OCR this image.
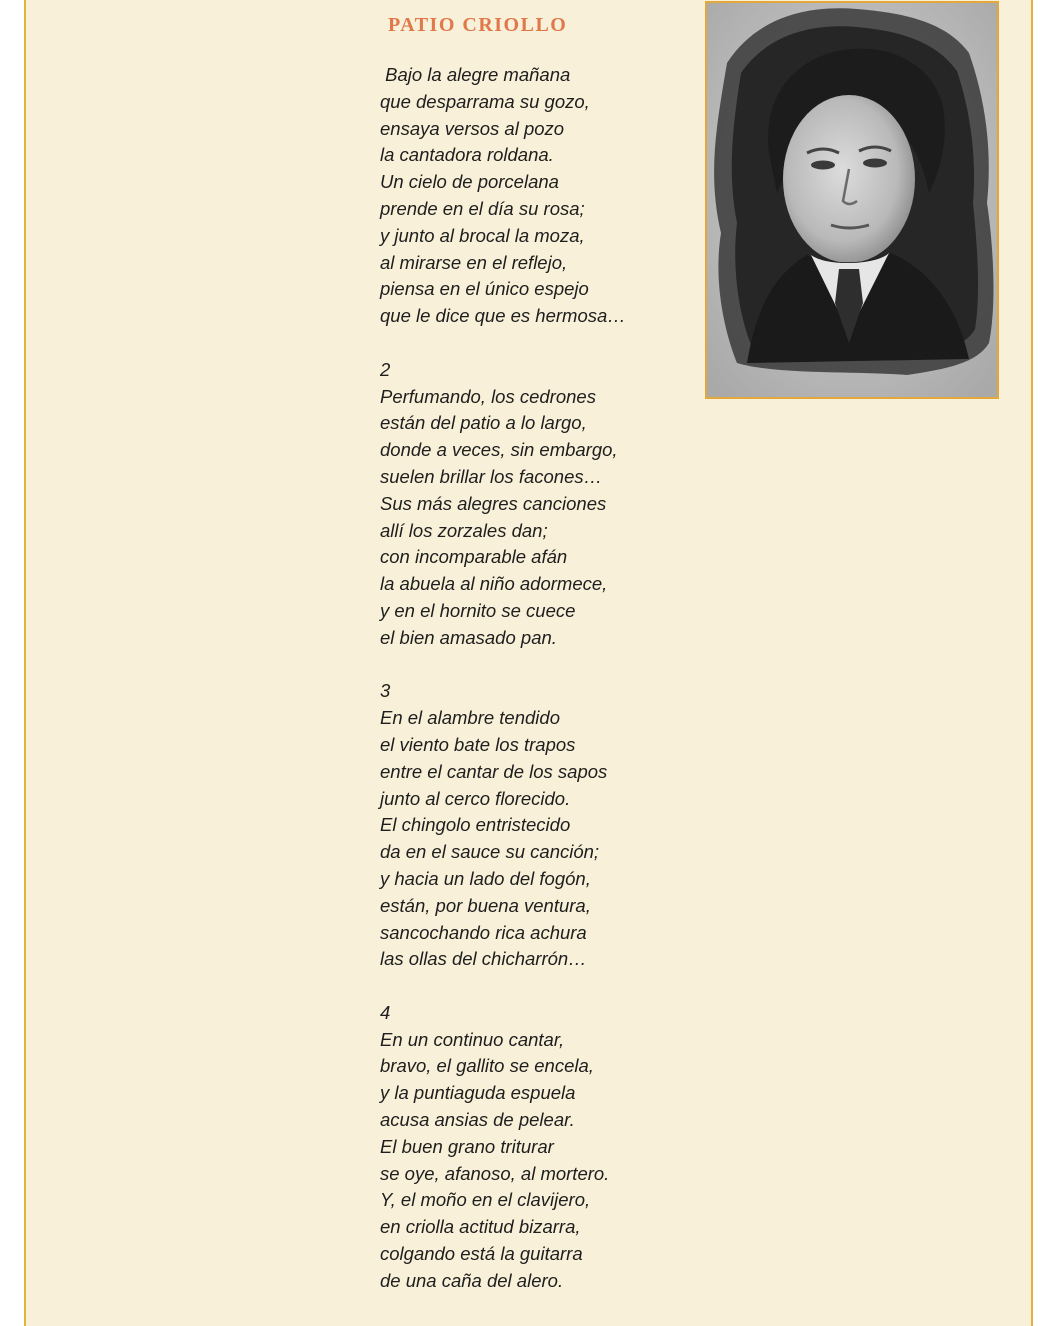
PATIO CRIOLLO
Bajo la alegre mañana
que desparrama su gozo,
ensaya versos al pozo
la cantadora roldana.
Un cielo de porcelana
prende en el día su rosa;
y junto al brocal la moza,
al mirarse en el reflejo,
piensa en el único espejo
que le dice que es hermosa…
2
Perfumando, los cedrones
están del patio a lo largo,
donde a veces, sin embargo,
suelen brillar los facones…
Sus más alegres canciones
allí los zorzales dan;
con incomparable afán
la abuela al niño adormece,
y en el hornito se cuece
el bien amasado pan.
3
En el alambre tendido
el viento bate los trapos
entre el cantar de los sapos
junto al cerco florecido.
El chingolo entristecido
da en el sauce su canción;
y hacia un lado del fogón,
están, por buena ventura,
sancochando rica achura
las ollas del chicharrón…
4
En un continuo cantar,
bravo, el gallito se encela,
y la puntiaguda espuela
acusa ansias de pelear.
El buen grano triturar
se oye, afanoso, al mortero.
Y, el moño en el clavijero,
en criolla actitud bizarra,
colgando está la guitarra
de una caña del alero.
